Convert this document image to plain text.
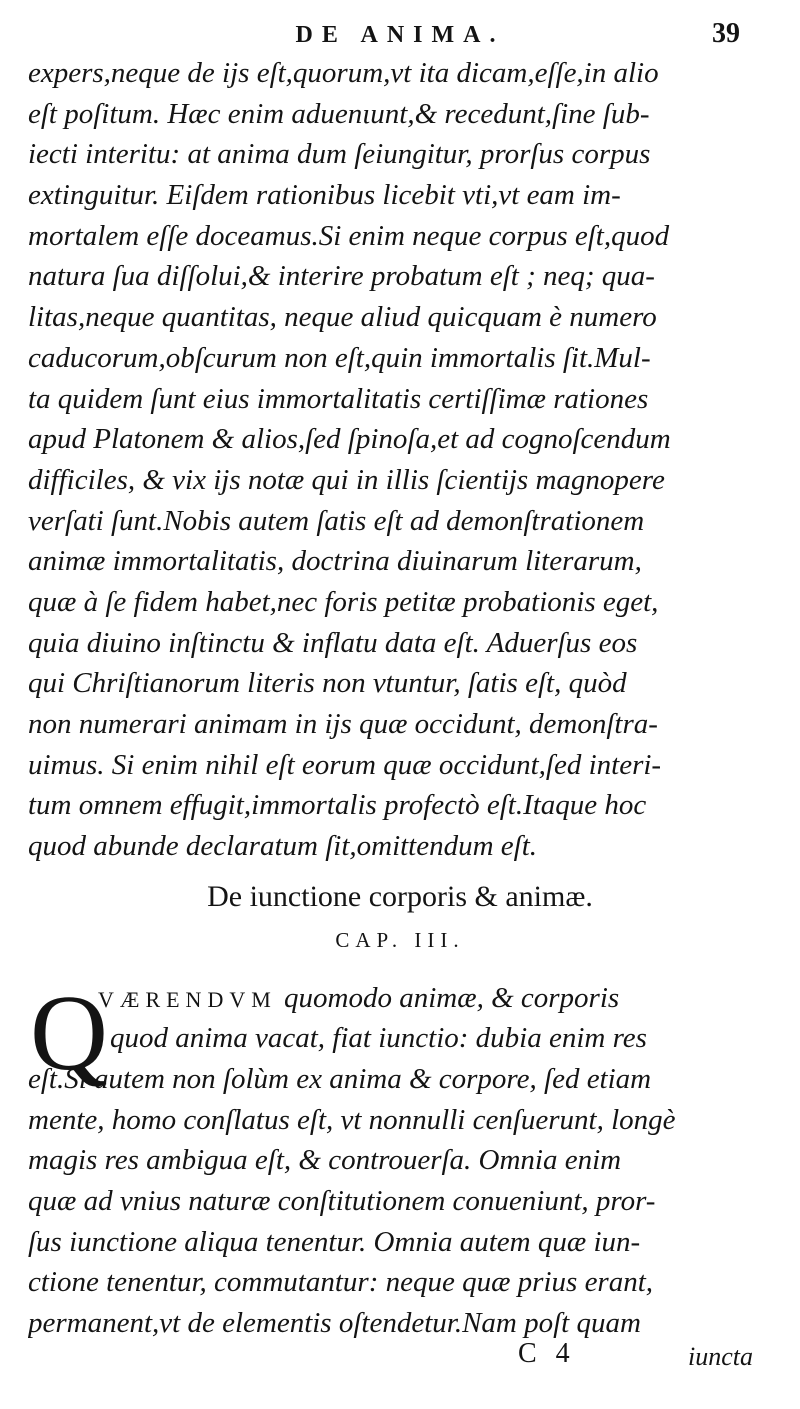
DE ANIMA.	39
expers,neque de ijs eſt,quorum,vt ita dicam,eſſe,in alio
eſt poſitum. Hæc enim aduenιunt,& recedunt,ſine ſub-
iecti interitu: at anima dum ſeiungitur, prorſus corpus
extinguitur. Eiſdem rationibus licebit vti,vt eam im-
mortalem eſſe doceamus.Si enim neque corpus eſt,quod
natura ſua diſſolui,& interire probatum eſt ; neq; qua-
litas,neque quantitas, neque aliud quicquam è numero
caducorum,obſcurum non eſt,quin immortalis ſit.Mul-
ta quidem ſunt eius immortalitatis certiſſimæ rationes
apud Platonem & alios,ſed ſpinoſa,et ad cognoſcendum
difficiles, & vix ijs notæ qui in illis ſcientijs magnopere
verſati ſunt.Nobis autem ſatis eſt ad demonſtrationem
animæ immortalitatis, doctrina diuinarum literarum,
quæ à ſe fidem habet,nec foris petitæ probationis eget,
quia diuino inſtinctu & inflatu data eſt. Aduerſus eos
qui Chriſtianorum literis non vtuntur, ſatis eſt, quòd
non numerari animam in ijs quæ occidunt, demonſtra-
uimus. Si enim nihil eſt eorum quæ occidunt,ſed interi-
tum omnem effugit,immortalis profectò eſt.Itaque hoc
quod abunde declaratum ſit,omittendum eſt.
De iunctione corporis & animæ.
CAP. III.
Q
VÆRENDVM quomodo animæ, & corporis
quod anima vacat, fiat iunctio: dubia enim res
eſt.Si autem non ſolùm ex anima & corpore, ſed etiam
mente, homo conſlatus eſt, vt nonnulli cenſuerunt, longè
magis res ambigua eſt, & controuerſa. Omnia enim
quæ ad vnius naturæ conſtitutionem conueniunt, pror-
ſus iunctione aliqua tenentur. Omnia autem quæ iun-
ctione tenentur, commutantur: neque quæ prius erant,
permanent,vt de elementis oſtendetur.Nam poſt quam
C 4	iuncta
